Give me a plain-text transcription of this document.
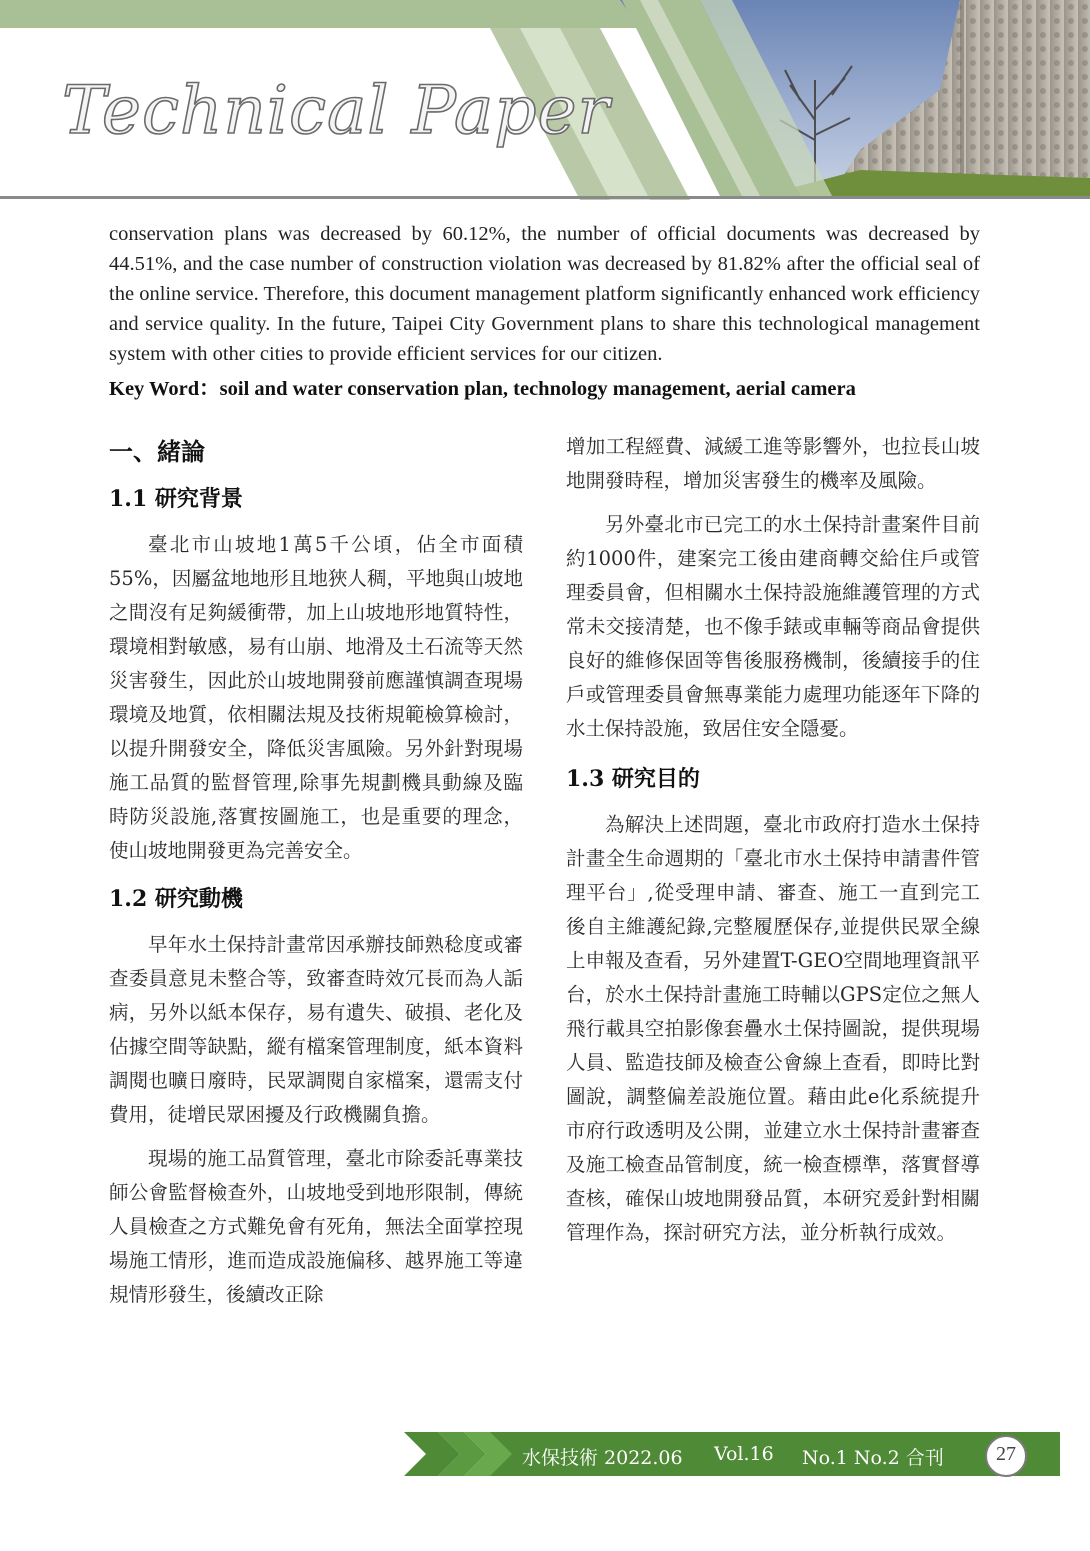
Technical Paper

conservation plans was decreased by 60.12%, the number of official documents was decreased by 44.51%, and the case number of construction violation was decreased by 81.82% after the official seal of the online service. Therefore, this document management platform significantly enhanced work efficiency and service quality. In the future, Taipei City Government plans to share this technological management system with other cities to provide efficient services for our citizen.

Key Word：soil and water conservation plan, technology management, aerial camera
一、緒論
1.1 研究背景

臺北市山坡地1萬5千公頃，佔全市面積55%，因屬盆地地形且地狹人稠，平地與山坡地之間沒有足夠緩衝帶，加上山坡地形地質特性，環境相對敏感，易有山崩、地滑及土石流等天然災害發生，因此於山坡地開發前應謹慎調查現場環境及地質，依相關法規及技術規範檢算檢討，以提升開發安全，降低災害風險。另外針對現場施工品質的監督管理,除事先規劃機具動線及臨時防災設施,落實按圖施工，也是重要的理念，使山坡地開發更為完善安全。

1.2 研究動機

早年水土保持計畫常因承辦技師熟稔度或審查委員意見未整合等，致審查時效冗長而為人詬病，另外以紙本保存，易有遺失、破損、老化及佔據空間等缺點，縱有檔案管理制度，紙本資料調閱也曠日廢時，民眾調閱自家檔案，還需支付費用，徒增民眾困擾及行政機關負擔。

現場的施工品質管理，臺北市除委託專業技師公會監督檢查外，山坡地受到地形限制，傳統人員檢查之方式難免會有死角，無法全面掌控現場施工情形，進而造成設施偏移、越界施工等違規情形發生，後續改正除

增加工程經費、減緩工進等影響外，也拉長山坡地開發時程，增加災害發生的機率及風險。

另外臺北市已完工的水土保持計畫案件目前約1000件，建案完工後由建商轉交給住戶或管理委員會，但相關水土保持設施維護管理的方式常未交接清楚，也不像手錶或車輛等商品會提供良好的維修保固等售後服務機制，後續接手的住戶或管理委員會無專業能力處理功能逐年下降的水土保持設施，致居住安全隱憂。

1.3 研究目的

為解決上述問題，臺北市政府打造水土保持計畫全生命週期的「臺北市水土保持申請書件管理平台」,從受理申請、審查、施工一直到完工後自主維護紀錄,完整履歷保存,並提供民眾全線上申報及查看，另外建置T-GEO空間地理資訊平台，於水土保持計畫施工時輔以GPS定位之無人飛行載具空拍影像套疊水土保持圖說，提供現場人員、監造技師及檢查公會線上查看，即時比對圖說，調整偏差設施位置。藉由此e化系統提升市府行政透明及公開，並建立水土保持計畫審查及施工檢查品管制度，統一檢查標準，落實督導查核，確保山坡地開發品質，本研究爰針對相關管理作為，探討研究方法，並分析執行成效。

水保技術 2022.06 Vol.16 No.1 No.2 合刊	27
